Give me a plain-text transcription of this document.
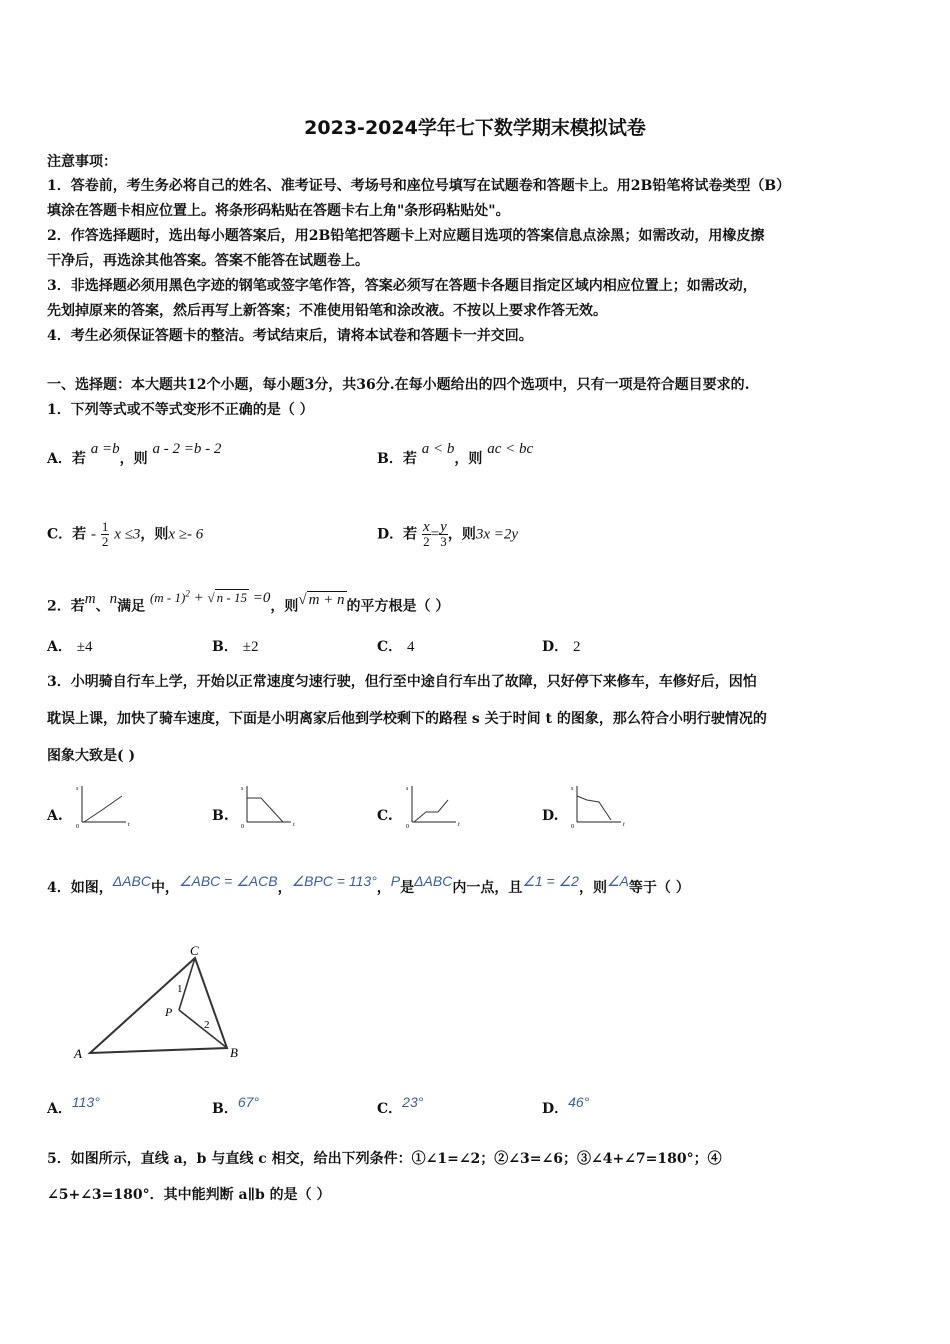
2023-2024学年七下数学期末模拟试卷
注意事项：
1．答卷前，考生务必将自己的姓名、准考证号、考场号和座位号填写在试题卷和答题卡上。用2B铅笔将试卷类型（B）
填涂在答题卡相应位置上。将条形码粘贴在答题卡右上角"条形码粘贴处"。
2．作答选择题时，选出每小题答案后，用2B铅笔把答题卡上对应题目选项的答案信息点涂黑；如需改动，用橡皮擦
干净后，再选涂其他答案。答案不能答在试题卷上。
3．非选择题必须用黑色字迹的钢笔或签字笔作答，答案必须写在答题卡各题目指定区域内相应位置上；如需改动，
先划掉原来的答案，然后再写上新答案；不准使用铅笔和涂改液。不按以上要求作答无效。
4．考生必须保证答题卡的整洁。考试结束后，请将本试卷和答题卡一并交回。
一、选择题：本大题共12个小题，每小题3分，共36分.在每小题给出的四个选项中，只有一项是符合题目要求的.
1．下列等式或不等式变形不正确的是（ ）
A．若 a =b，则 a - 2 =b - 2
B．若 a < b，则 ac < bc
C．若 - $\frac{1}{2}$ x ≤3，则x ≥- 6	D．若 $\frac{x}{2} = \frac{y}{3}$ ，则3x =2y
2．若m、n满足 (m - 1)$^2$ + √ n - 15 =0，则√ m + n 的平方根是（ ）
A． ±4	B． ±2	C． 4	D． 2
3．小明骑自行车上学，开始以正常速度匀速行驶，但行至中途自行车出了故障，只好停下来修车，车修好后，因怕
耽误上课，加快了骑车速度，下面是小明离家后他到学校剩下的路程 s 关于时间 t 的图象，那么符合小明行驶情况的
图象大致是( )
A.	B.	C.	D.
s
t
0
s
t
0
s
t
0
s
t
0
4．如图，ΔABC中，∠ABC = ∠ACB，∠BPC = 113°，P是ΔABC内一点，且∠1 = ∠2，则∠A等于（ ）
A	B
C
P
1
2
A．113°	B．67°	C．23°	D．46°
5．如图所示，直线 a，b 与直线 c 相交，给出下列条件：①∠1=∠2；②∠3=∠6；③∠4+∠7=180°；④
∠5+∠3=180°．其中能判断 a∥b 的是（ ）
